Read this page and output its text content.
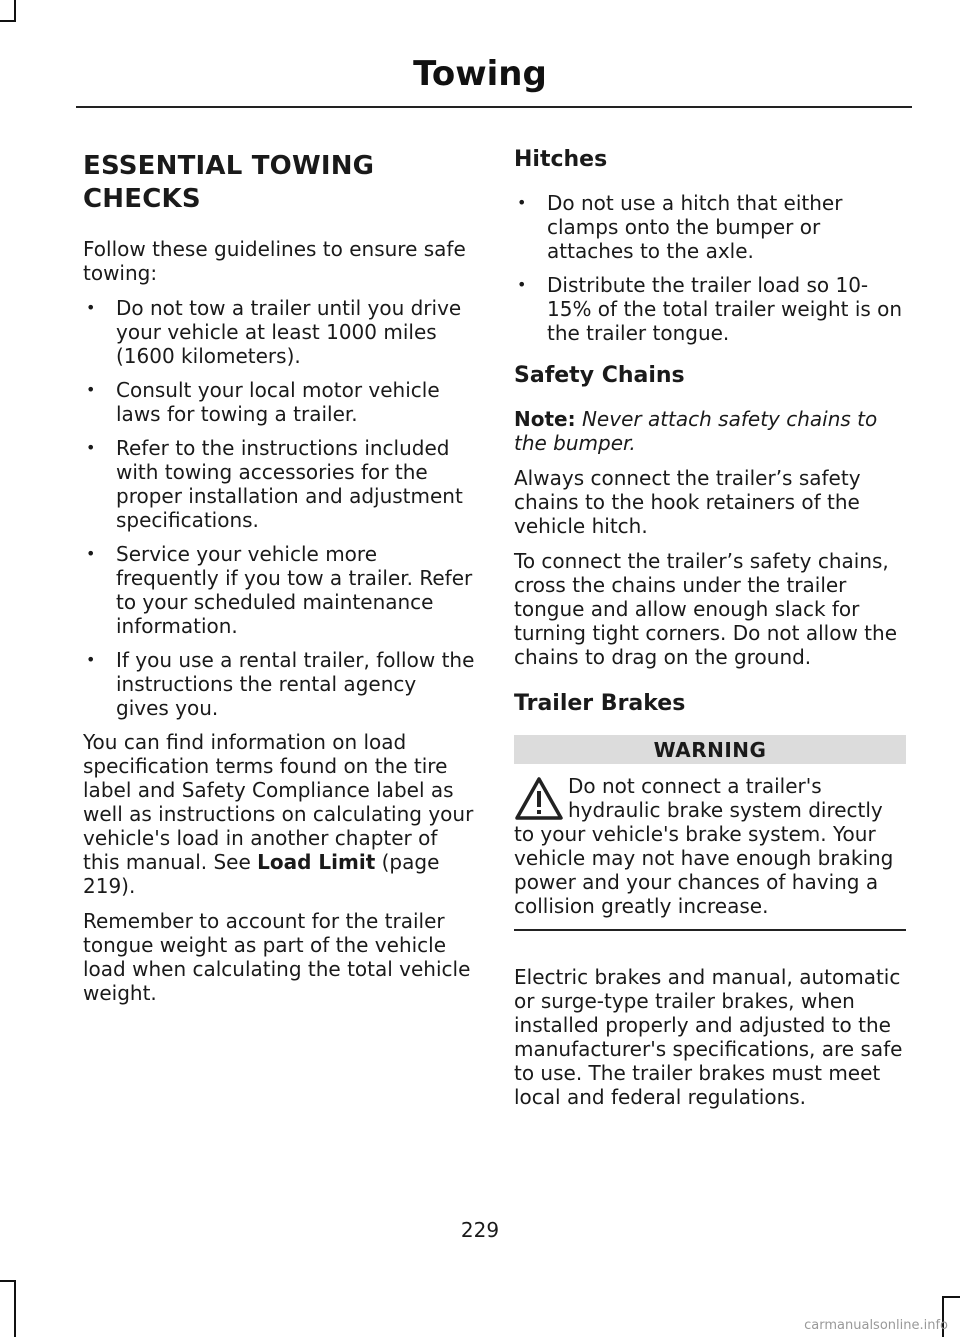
Towing
ESSENTIAL TOWING
CHECKS

Follow these guidelines to ensure safe towing:

• Do not tow a trailer until you drive your vehicle at least 1000 miles (1600 kilometers).
• Consult your local motor vehicle laws for towing a trailer.
• Refer to the instructions included with towing accessories for the proper installation and adjustment specifications.
• Service your vehicle more frequently if you tow a trailer. Refer to your scheduled maintenance information.
• If you use a rental trailer, follow the instructions the rental agency gives you.

You can find information on load specification terms found on the tire label and Safety Compliance label as well as instructions on calculating your vehicle's load in another chapter of this manual. See Load Limit (page 219).

Remember to account for the trailer tongue weight as part of the vehicle load when calculating the total vehicle weight.

Hitches
• Do not use a hitch that either clamps onto the bumper or attaches to the axle.
• Distribute the trailer load so 10-15% of the total trailer weight is on the trailer tongue.
Safety Chains

Note: Never attach safety chains to the bumper.

Always connect the trailer’s safety chains to the hook retainers of the vehicle hitch.

To connect the trailer’s safety chains, cross the chains under the trailer tongue and allow enough slack for turning tight corners. Do not allow the chains to drag on the ground.

Trailer Brakes
WARNING

Do not connect a trailer's hydraulic brake system directly to your vehicle's brake system. Your vehicle may not have enough braking power and your chances of having a collision greatly increase.

Electric brakes and manual, automatic or surge-type trailer brakes, when installed properly and adjusted to the manufacturer's specifications, are safe to use. The trailer brakes must meet local and federal regulations.

229
carmanualsonline.info
